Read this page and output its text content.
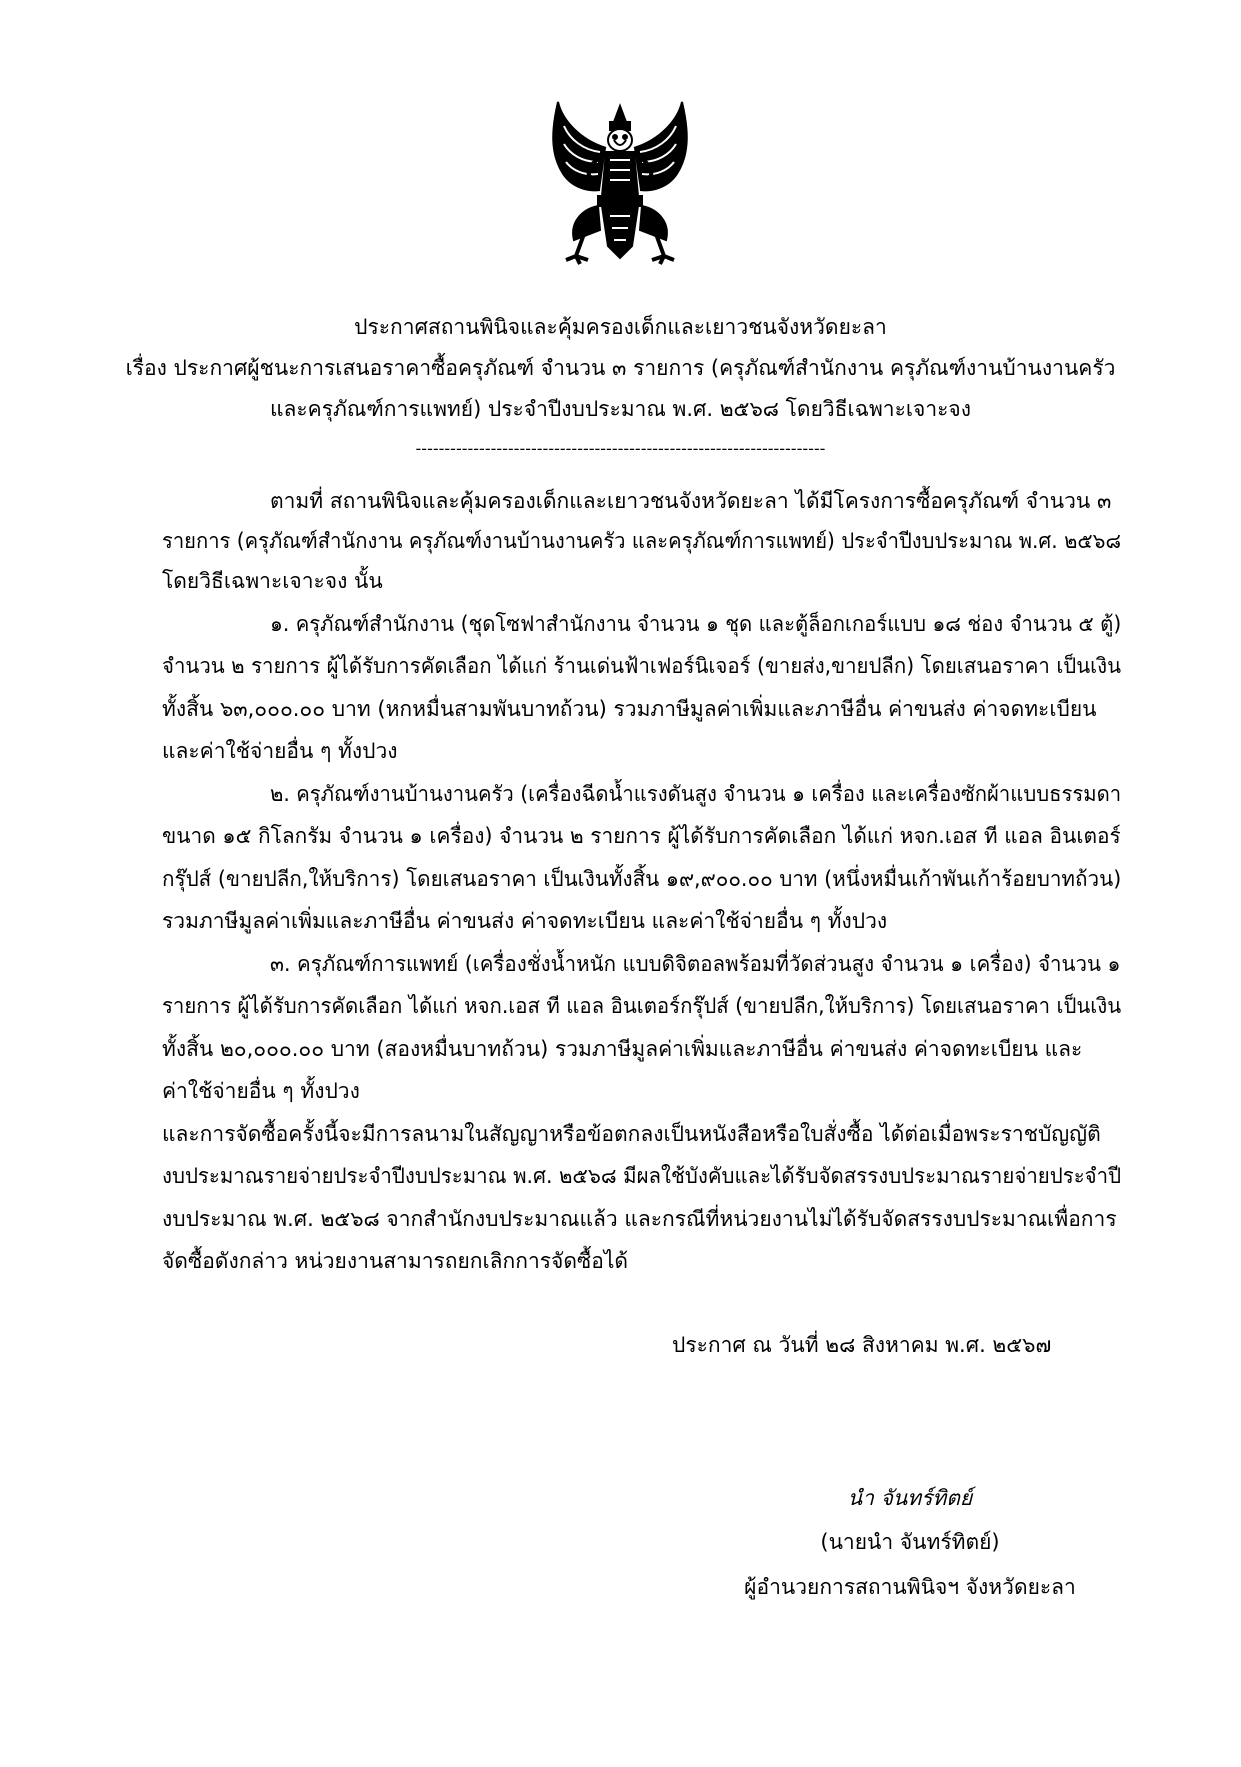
ประกาศสถานพินิจและคุ้มครองเด็กและเยาวชนจังหวัดยะลา
เรื่อง ประกาศผู้ชนะการเสนอราคาซื้อครุภัณฑ์ จำนวน ๓ รายการ (ครุภัณฑ์สำนักงาน ครุภัณฑ์งานบ้านงานครัว
และครุภัณฑ์การแพทย์) ประจำปีงบประมาณ พ.ศ. ๒๕๖๘ โดยวิธีเฉพาะเจาะจง
-----------------------------------------------------------------------
ตามที่ สถานพินิจและคุ้มครองเด็กและเยาวชนจังหวัดยะลา ได้มีโครงการซื้อครุภัณฑ์ จำนวน ๓
รายการ (ครุภัณฑ์สำนักงาน ครุภัณฑ์งานบ้านงานครัว และครุภัณฑ์การแพทย์) ประจำปีงบประมาณ พ.ศ. ๒๕๖๘
โดยวิธีเฉพาะเจาะจง นั้น
๑. ครุภัณฑ์สำนักงาน (ชุดโซฟาสำนักงาน จำนวน ๑ ชุด และตู้ล็อกเกอร์แบบ ๑๘ ช่อง จำนวน ๕ ตู้)
จำนวน ๒ รายการ ผู้ได้รับการคัดเลือก ได้แก่ ร้านเด่นฟ้าเฟอร์นิเจอร์ (ขายส่ง,ขายปลีก) โดยเสนอราคา เป็นเงิน
ทั้งสิ้น ๖๓,๐๐๐.๐๐ บาท (หกหมื่นสามพันบาทถ้วน) รวมภาษีมูลค่าเพิ่มและภาษีอื่น ค่าขนส่ง ค่าจดทะเบียน
และค่าใช้จ่ายอื่น ๆ ทั้งปวง
๒. ครุภัณฑ์งานบ้านงานครัว (เครื่องฉีดน้ำแรงดันสูง จำนวน ๑ เครื่อง และเครื่องซักผ้าแบบธรรมดา
ขนาด ๑๕ กิโลกรัม จำนวน ๑ เครื่อง) จำนวน ๒ รายการ ผู้ได้รับการคัดเลือก ได้แก่ หจก.เอส ที แอล อินเตอร์
กรุ๊ปส์ (ขายปลีก,ให้บริการ) โดยเสนอราคา เป็นเงินทั้งสิ้น ๑๙,๙๐๐.๐๐ บาท (หนึ่งหมื่นเก้าพันเก้าร้อยบาทถ้วน)
รวมภาษีมูลค่าเพิ่มและภาษีอื่น ค่าขนส่ง ค่าจดทะเบียน และค่าใช้จ่ายอื่น ๆ ทั้งปวง
๓. ครุภัณฑ์การแพทย์ (เครื่องชั่งน้ำหนัก แบบดิจิตอลพร้อมที่วัดส่วนสูง จำนวน ๑ เครื่อง) จำนวน ๑
รายการ ผู้ได้รับการคัดเลือก ได้แก่ หจก.เอส ที แอล อินเตอร์กรุ๊ปส์ (ขายปลีก,ให้บริการ) โดยเสนอราคา เป็นเงิน
ทั้งสิ้น ๒๐,๐๐๐.๐๐ บาท (สองหมื่นบาทถ้วน) รวมภาษีมูลค่าเพิ่มและภาษีอื่น ค่าขนส่ง ค่าจดทะเบียน และ
ค่าใช้จ่ายอื่น ๆ ทั้งปวง
และการจัดซื้อครั้งนี้จะมีการลนามในสัญญาหรือข้อตกลงเป็นหนังสือหรือใบสั่งซื้อ ได้ต่อเมื่อพระราชบัญญัติ
งบประมาณรายจ่ายประจำปีงบประมาณ พ.ศ. ๒๕๖๘ มีผลใช้บังคับและได้รับจัดสรรงบประมาณรายจ่ายประจำปี
งบประมาณ พ.ศ. ๒๕๖๘ จากสำนักงบประมาณแล้ว และกรณีที่หน่วยงานไม่ได้รับจัดสรรงบประมาณเพื่อการ
จัดซื้อดังกล่าว หน่วยงานสามารถยกเลิกการจัดซื้อได้
ประกาศ ณ วันที่ ๒๘ สิงหาคม พ.ศ. ๒๕๖๗
นำ จันทร์ทิตย์
(นายนำ จันทร์ทิตย์)
ผู้อำนวยการสถานพินิจฯ จังหวัดยะลา
